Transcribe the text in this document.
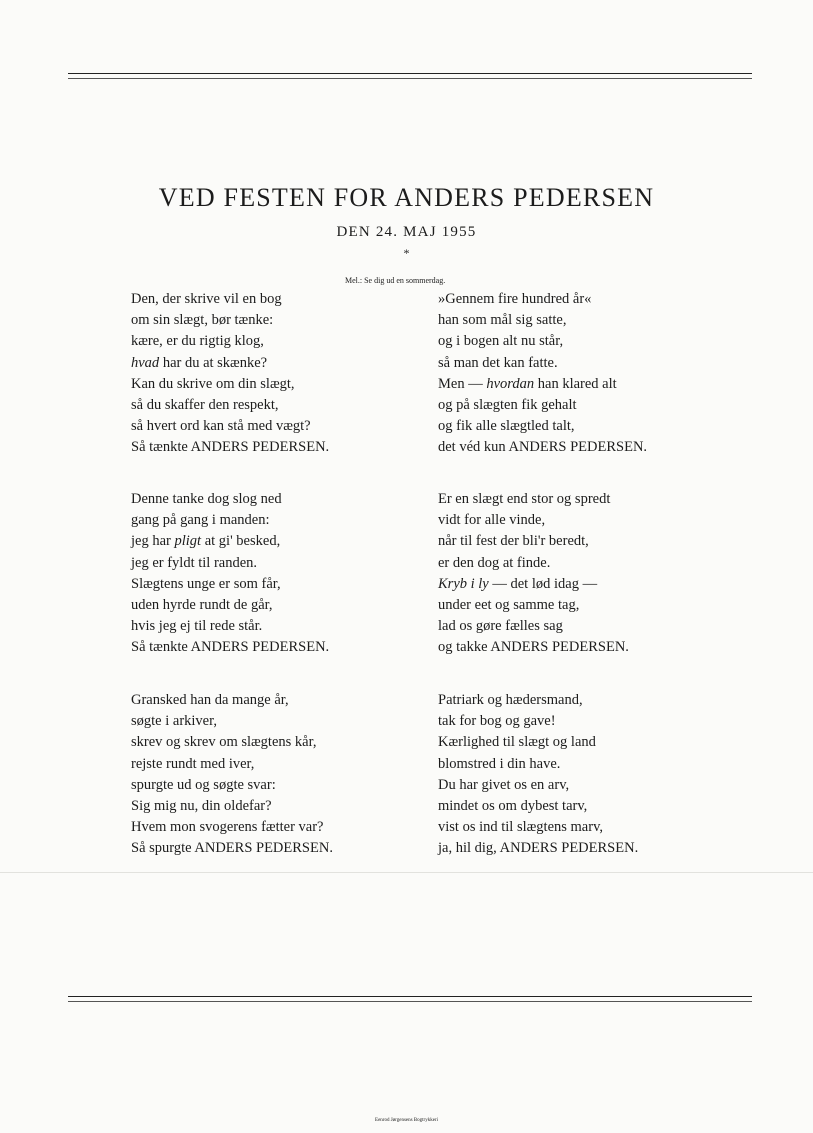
VED FESTEN FOR ANDERS PEDERSEN
DEN 24. MAJ 1955
*
Mel.: Se dig ud en sommerdag.
Den, der skrive vil en bog
om sin slægt, bør tænke:
kære, er du rigtig klog,
hvad har du at skænke?
Kan du skrive om din slægt,
så du skaffer den respekt,
så hvert ord kan stå med vægt?
Så tænkte ANDERS PEDERSEN.
»Gennem fire hundred år«
han som mål sig satte,
og i bogen alt nu står,
så man det kan fatte.
Men — hvordan han klared alt
og på slægten fik gehalt
og fik alle slægtled talt,
det véd kun ANDERS PEDERSEN.
Denne tanke dog slog ned
gang på gang i manden:
jeg har pligt at gi' besked,
jeg er fyldt til randen.
Slægtens unge er som får,
uden hyrde rundt de går,
hvis jeg ej til rede står.
Så tænkte ANDERS PEDERSEN.
Er en slægt end stor og spredt
vidt for alle vinde,
når til fest der bli'r beredt,
er den dog at finde.
Kryb i ly — det lød idag —
under eet og samme tag,
lad os gøre fælles sag
og takke ANDERS PEDERSEN.
Gransked han da mange år,
søgte i arkiver,
skrev og skrev om slægtens kår,
rejste rundt med iver,
spurgte ud og søgte svar:
Sig mig nu, din oldefar?
Hvem mon svogerens fætter var?
Så spurgte ANDERS PEDERSEN.
Patriark og hædersmand,
tak for bog og gave!
Kærlighed til slægt og land
blomstred i din have.
Du har givet os en arv,
mindet os om dybest tarv,
vist os ind til slægtens marv,
ja, hil dig, ANDERS PEDERSEN.
Eenrod Jørgensens Bogtrykkeri
